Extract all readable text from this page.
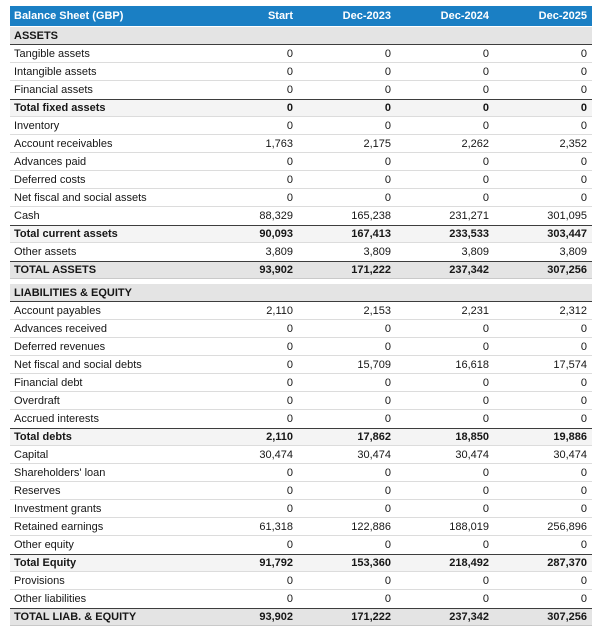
Balance Sheet (GBP)	Start	Dec-2023	Dec-2024	Dec-2025
ASSETS
Tangible assets	0	0	0	0
Intangible assets	0	0	0	0
Financial assets	0	0	0	0
Total fixed assets	0	0	0	0
Inventory	0	0	0	0
Account receivables	1,763	2,175	2,262	2,352
Advances paid	0	0	0	0
Deferred costs	0	0	0	0
Net fiscal and social assets	0	0	0	0
Cash	88,329	165,238	231,271	301,095
Total current assets	90,093	167,413	233,533	303,447
Other assets	3,809	3,809	3,809	3,809
TOTAL ASSETS	93,902	171,222	237,342	307,256
LIABILITIES & EQUITY
Account payables	2,110	2,153	2,231	2,312
Advances received	0	0	0	0
Deferred revenues	0	0	0	0
Net fiscal and social debts	0	15,709	16,618	17,574
Financial debt	0	0	0	0
Overdraft	0	0	0	0
Accrued interests	0	0	0	0
Total debts	2,110	17,862	18,850	19,886
Capital	30,474	30,474	30,474	30,474
Shareholders' loan	0	0	0	0
Reserves	0	0	0	0
Investment grants	0	0	0	0
Retained earnings	61,318	122,886	188,019	256,896
Other equity	0	0	0	0
Total Equity	91,792	153,360	218,492	287,370
Provisions	0	0	0	0
Other liabilities	0	0	0	0
TOTAL LIAB. & EQUITY	93,902	171,222	237,342	307,256
